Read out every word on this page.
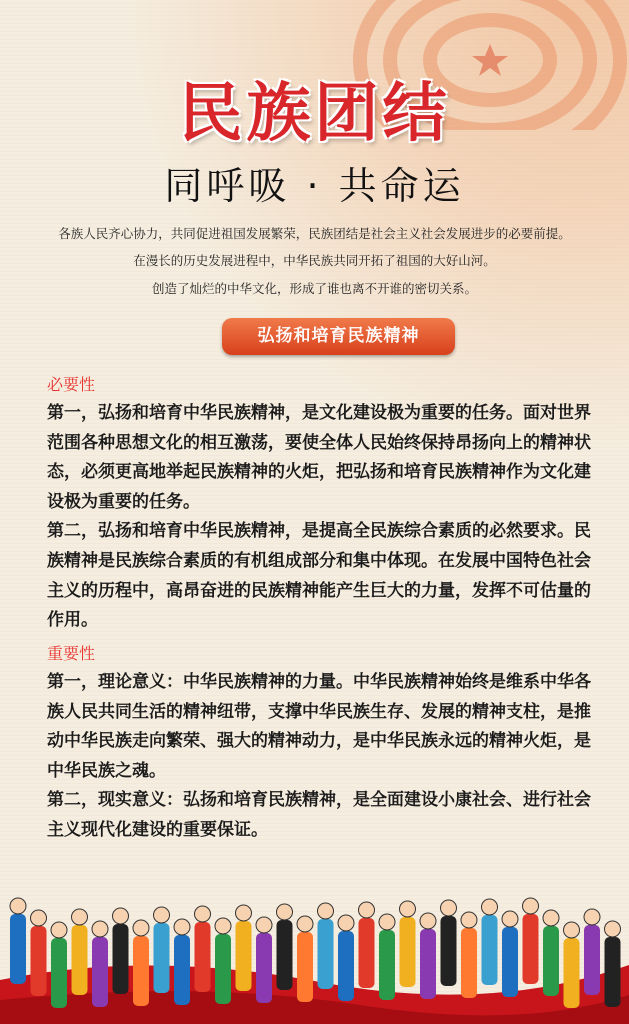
民族团结
同呼吸 · 共命运
各族人民齐心协力，共同促进祖国发展繁荣，民族团结是社会主义社会发展进步的必要前提。
在漫长的历史发展进程中，中华民族共同开拓了祖国的大好山河。
创造了灿烂的中华文化，形成了谁也离不开谁的密切关系。
弘扬和培育民族精神
必要性
第一，弘扬和培育中华民族精神，是文化建设极为重要的任务。面对世界
范围各种思想文化的相互激荡，要使全体人民始终保持昂扬向上的精神状
态，必须更高地举起民族精神的火炬，把弘扬和培育民族精神作为文化建
设极为重要的任务。
第二，弘扬和培育中华民族精神，是提高全民族综合素质的必然要求。民
族精神是民族综合素质的有机组成部分和集中体现。在发展中国特色社会
主义的历程中，高昂奋进的民族精神能产生巨大的力量，发挥不可估量的
作用。
重要性
第一，理论意义：中华民族精神的力量。中华民族精神始终是维系中华各
族人民共同生活的精神纽带，支撑中华民族生存、发展的精神支柱，是推
动中华民族走向繁荣、强大的精神动力，是中华民族永远的精神火炬，是
中华民族之魂。
第二，现实意义：弘扬和培育民族精神，是全面建设小康社会、进行社会
主义现代化建设的重要保证。
